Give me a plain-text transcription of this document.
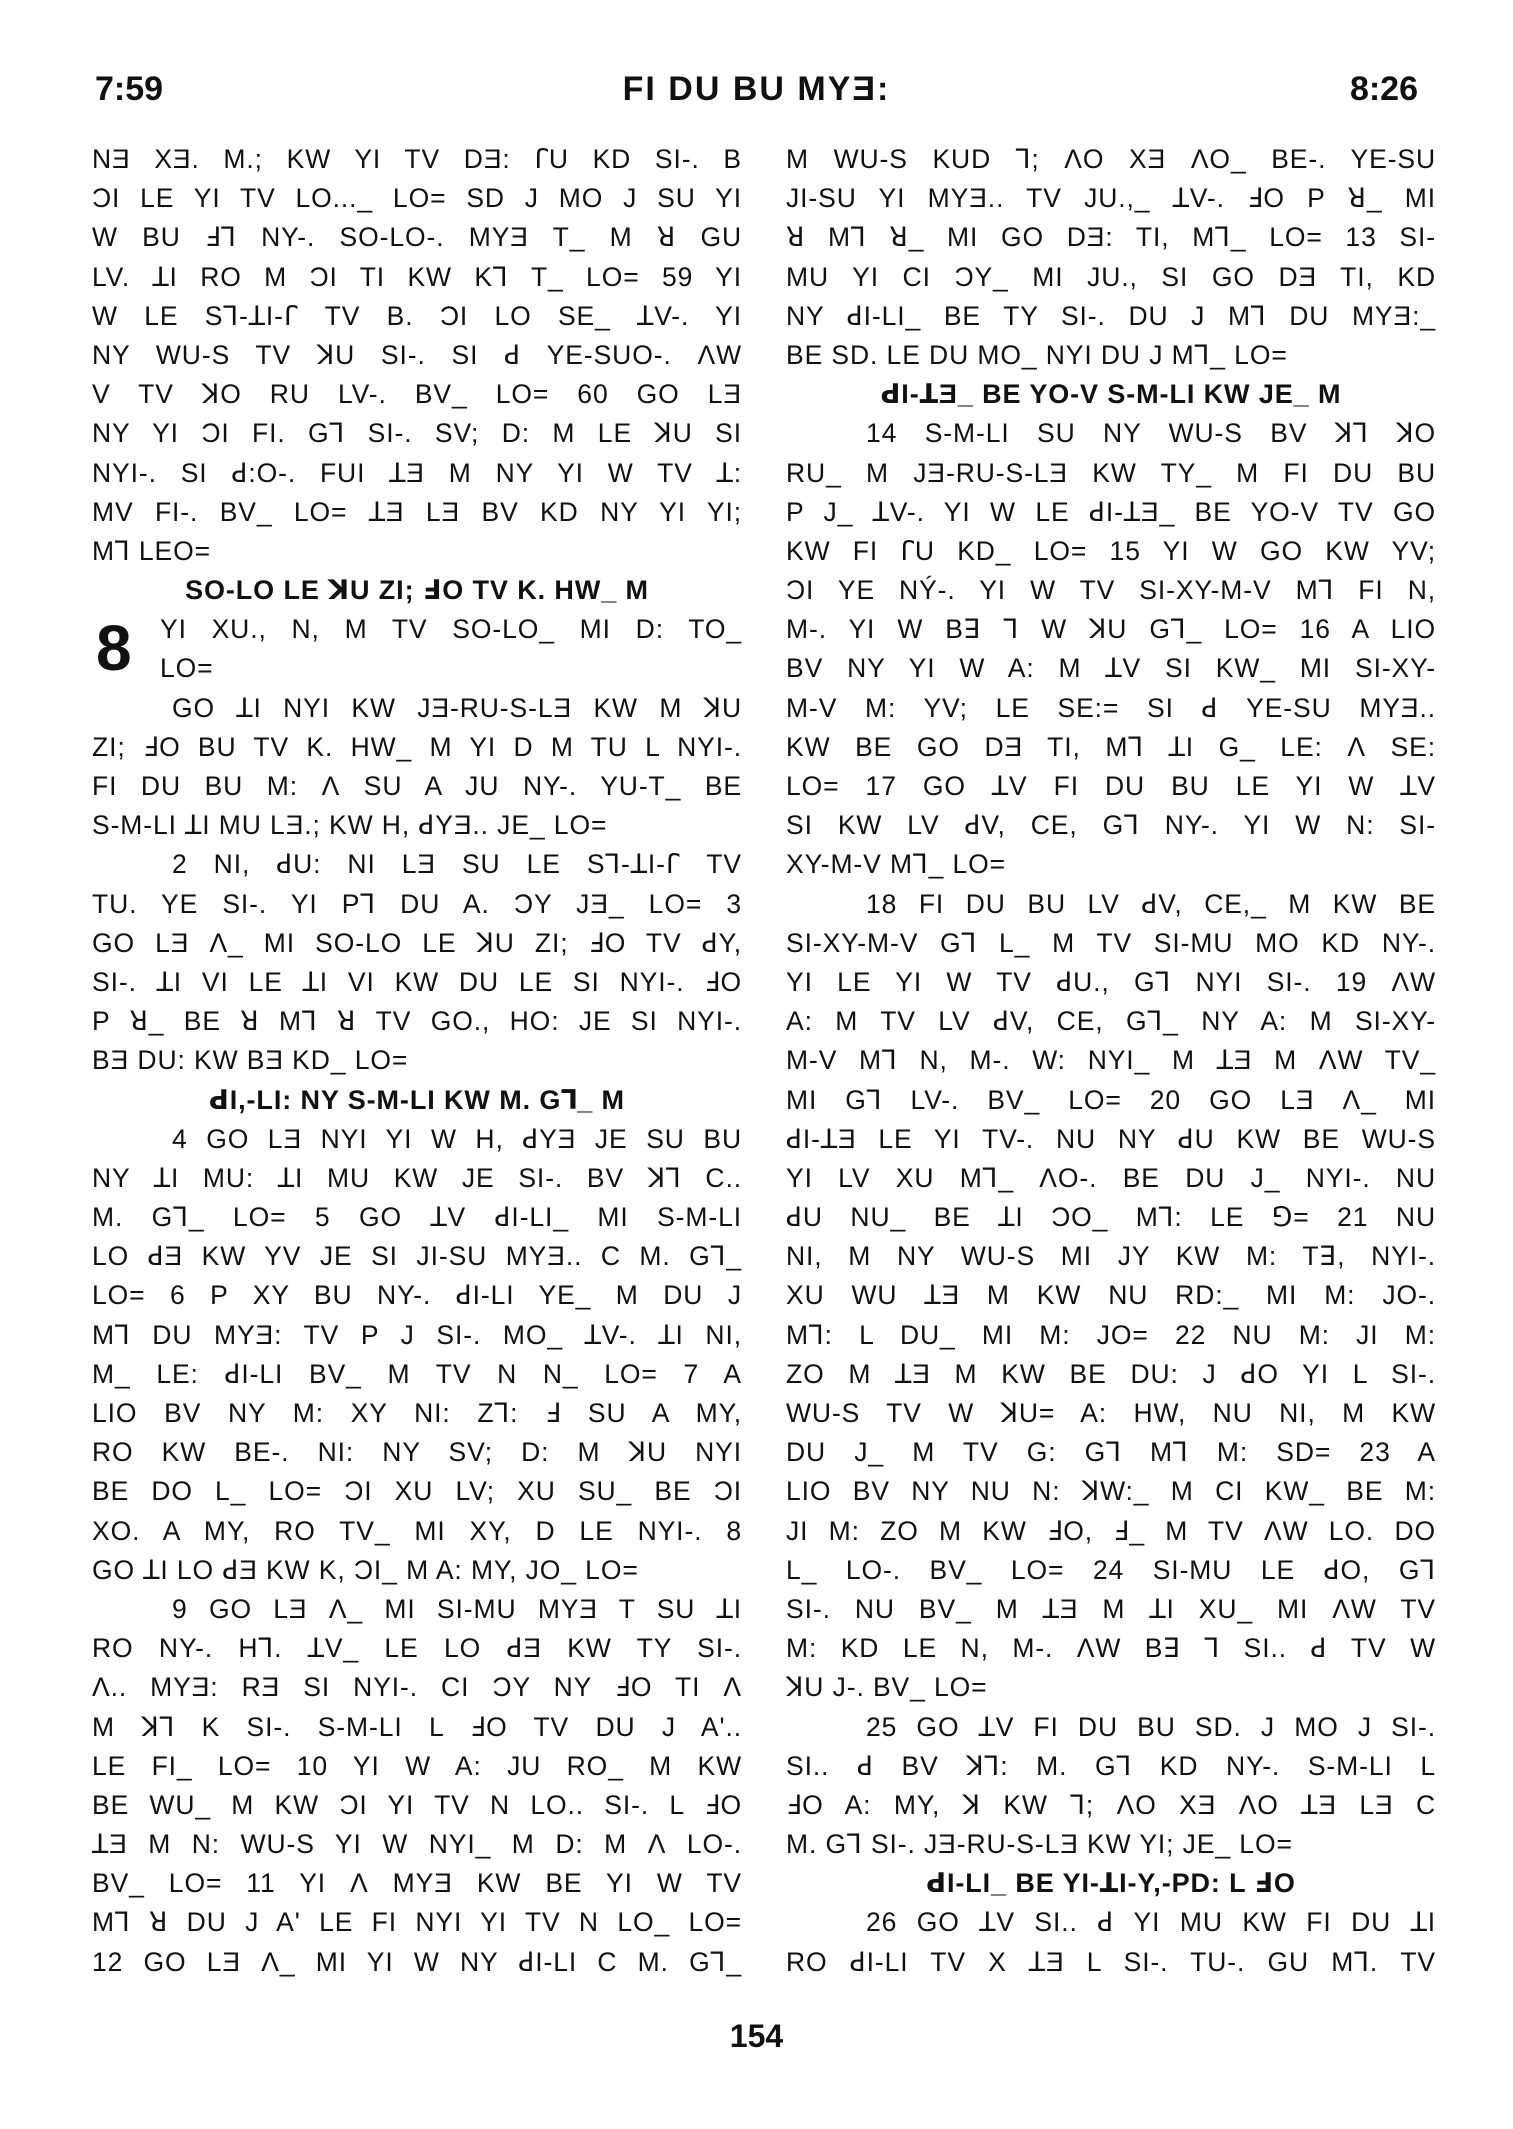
7:59	FI DU BU MYƎ:	8:26
NƎ XƎ. M.; KW YI TV DƎ: ꓩU KD SI-. B
ƆI LE YI TV LO..._ LO= SD J MO J SU YI
W BU ꓞꓶ NY-. SO-LO-. MYƎ T_ M ꓤ GU
LV. ꓕI RO M ƆI TI KW Kꓶ T_ LO= 59 YI
W LE Sꓶ-ꓕI-ꓩ TV B. ƆI LO SE_ ꓕV-. YI
NY WU-S TV ꓘU SI-. SI ꓒ YE-SUO-. ɅW
V TV ꓘO RU LV-. BV_ LO= 60 GO LƎ
NY YI ƆI FI. Gꓶ SI-. SV; D: M LE ꓘU SI
NYI-. SI ꓒ:O-. FUI ꓕƎ M NY YI W TV ꓕ:
MV FI-. BV_ LO= ꓕƎ LƎ BV KD NY YI YI;
Mꓶ LEO=
SO-LO LE ꓘU ZI; ꓞO TV K. HW_ M
8	YI XU., N, M TV SO-LO_ MI D: TO_
LO=
GO ꓕI NYI KW JƎ-RU-S-LƎ KW M ꓘU
ZI; ꓞO BU TV K. HW_ M YI D M TU L NYI-.
FI DU BU M: Ʌ SU A JU NY-. YU-T_ BE
S-M-LI ꓕI MU LƎ.; KW H, ꓒYƎ.. JE_ LO=
2 NI, ꓒU: NI LƎ SU LE Sꓶ-ꓕI-ꓩ TV
TU. YE SI-. YI Pꓶ DU A. ƆY JƎ_ LO= 3
GO LƎ Ʌ_ MI SO-LO LE ꓘU ZI; ꓞO TV ꓒY,
SI-. ꓕI VI LE ꓕI VI KW DU LE SI NYI-. ꓞO
P ꓤ_ BE ꓤ Mꓶ ꓤ TV GO., HO: JE SI NYI-.
BƎ DU: KW BƎ KD_ LO=
ꓒI,-LI: NY S-M-LI KW M. Gꓶ_ M
4 GO LƎ NYI YI W H, ꓒYƎ JE SU BU
NY ꓕI MU: ꓕI MU KW JE SI-. BV ꓘꓶ C..
M. Gꓶ_ LO= 5 GO ꓕV ꓒI-LI_ MI S-M-LI
LO ꓒƎ KW YV JE SI JI-SU MYƎ.. C M. Gꓶ_
LO= 6 P XY BU NY-. ꓒI-LI YE_ M DU J
Mꓶ DU MYƎ: TV P J SI-. MO_ ꓕV-. ꓕI NI,
M_ LE: ꓒI-LI BV_ M TV N N_ LO= 7 A
LIO BV NY M: XY NI: Zꓶ: ꓞ SU A MY,
RO KW BE-. NI: NY SV; D: M ꓘU NYI
BE DO L_ LO= ƆI XU LV; XU SU_ BE ƆI
XO. A MY, RO TV_ MI XY, D LE NYI-. 8
GO ꓕI LO ꓒƎ KW K, ƆI_ M A: MY, JO_ LO=
9 GO LƎ Ʌ_ MI SI-MU MYƎ T SU ꓕI
RO NY-. Hꓶ. ꓕV_ LE LO ꓒƎ KW TY SI-.
Ʌ.. MYƎ: RƎ SI NYI-. CI ƆY NY ꓞO TI Ʌ
M ꓘꓶ K SI-. S-M-LI L ꓞO TV DU J A'..
LE FI_ LO= 10 YI W A: JU RO_ M KW
BE WU_ M KW ƆI YI TV N LO.. SI-. L ꓞO
ꓕƎ M N: WU-S YI W NYI_ M D: M Ʌ LO-.
BV_ LO= 11 YI Ʌ MYƎ KW BE YI W TV
Mꓶ ꓤ DU J A' LE FI NYI YI TV N LO_ LO=
12 GO LƎ Ʌ_ MI YI W NY ꓒI-LI C M. Gꓶ_
M WU-S KUD ꓶ; ɅO XƎ ɅO_ BE-. YE-SU
JI-SU YI MYƎ.. TV JU.,_ ꓕV-. ꓞO P ꓤ_ MI
ꓤ Mꓶ ꓤ_ MI GO DƎ: TI, Mꓶ_ LO= 13 SI-
MU YI CI ƆY_ MI JU., SI GO DƎ TI, KD
NY ꓒI-LI_ BE TY SI-. DU J Mꓶ DU MYƎ:_
BE SD. LE DU MO_ NYI DU J Mꓶ_ LO=
ꓒI-ꓕƎ_ BE YO-V S-M-LI KW JE_ M
14 S-M-LI SU NY WU-S BV ꓘꓶ ꓘO
RU_ M JƎ-RU-S-LƎ KW TY_ M FI DU BU
P J_ ꓕV-. YI W LE ꓒI-ꓕƎ_ BE YO-V TV GO
KW FI ꓩU KD_ LO= 15 YI W GO KW YV;
ƆI YE NÝ-. YI W TV SI-XY-M-V Mꓶ FI N,
M-. YI W Bꓱ ꓶ W ꓘU Gꓶ_ LO= 16 A LIO
BV NY YI W A: M ꓕV SI KW_ MI SI-XY-
M-V M: YV; LE SE:= SI ꓒ YE-SU MYƎ..
KW BE GO DƎ TI, Mꓶ ꓕI G_ LE: Ʌ SE:
LO= 17 GO ꓕV FI DU BU LE YI W ꓕV
SI KW LV ꓒV, CE, Gꓶ NY-. YI W N: SI-
XY-M-V Mꓶ_ LO=
18 FI DU BU LV ꓒV, CE,_ M KW BE
SI-XY-M-V Gꓶ L_ M TV SI-MU MO KD NY-.
YI LE YI W TV ꓒU., Gꓶ NYI SI-. 19 ɅW
A: M TV LV ꓒV, CE, Gꓶ_ NY A: M SI-XY-
M-V Mꓶ N, M-. W: NYI_ M ꓕƎ M ɅW TV_
MI Gꓶ LV-. BV_ LO= 20 GO LƎ Ʌ_ MI
ꓒI-ꓕƎ LE YI TV-. NU NY ꓒU KW BE WU-S
YI LV XU Mꓶ_ ɅO-. BE DU J_ NYI-. NU
ꓒU NU_ BE ꓕI ƆO_ Mꓶ: LE ꓨ= 21 NU
NI, M NY WU-S MI JY KW M: Tꓱ, NYI-.
XU WU ꓕƎ M KW NU RD:_ MI M: JO-.
Mꓶ: L DU_ MI M: JO= 22 NU M: JI M:
ZO M ꓕƎ M KW BE DU: J ꓒO YI L SI-.
WU-S TV W ꓘU= A: HW, NU NI, M KW
DU J_ M TV G: Gꓶ Mꓶ M: SD= 23 A
LIO BV NY NU N: ꓘW:_ M CI KW_ BE M:
JI M: ZO M KW ꓞO, ꓞ_ M TV ɅW LO. DO
L_ LO-. BV_ LO= 24 SI-MU LE ꓒO, Gꓶ
SI-. NU BV_ M ꓕƎ M ꓕI XU_ MI ɅW TV
M: KD LE N, M-. ɅW Bꓱ ꓶ SI.. ꓒ TV W
ꓘU J-. BV_ LO=
25 GO ꓕV FI DU BU SD. J MO J SI-.
SI.. ꓒ BV ꓘꓶ: M. Gꓶ KD NY-. S-M-LI L
ꓞO A: MY, ꓘ KW ꓶ; ɅO XƎ ɅO ꓕƎ LƎ C
M. Gꓶ SI-. JƎ-RU-S-LƎ KW YI; JE_ LO=
ꓒI-LI_ BE YI-ꓕI-Y,-PD: L ꓞO
26 GO ꓕV SI.. ꓒ YI MU KW FI DU ꓕI
RO ꓒI-LI TV X ꓕƎ L SI-. TU-. GU Mꓶ. TV
154
